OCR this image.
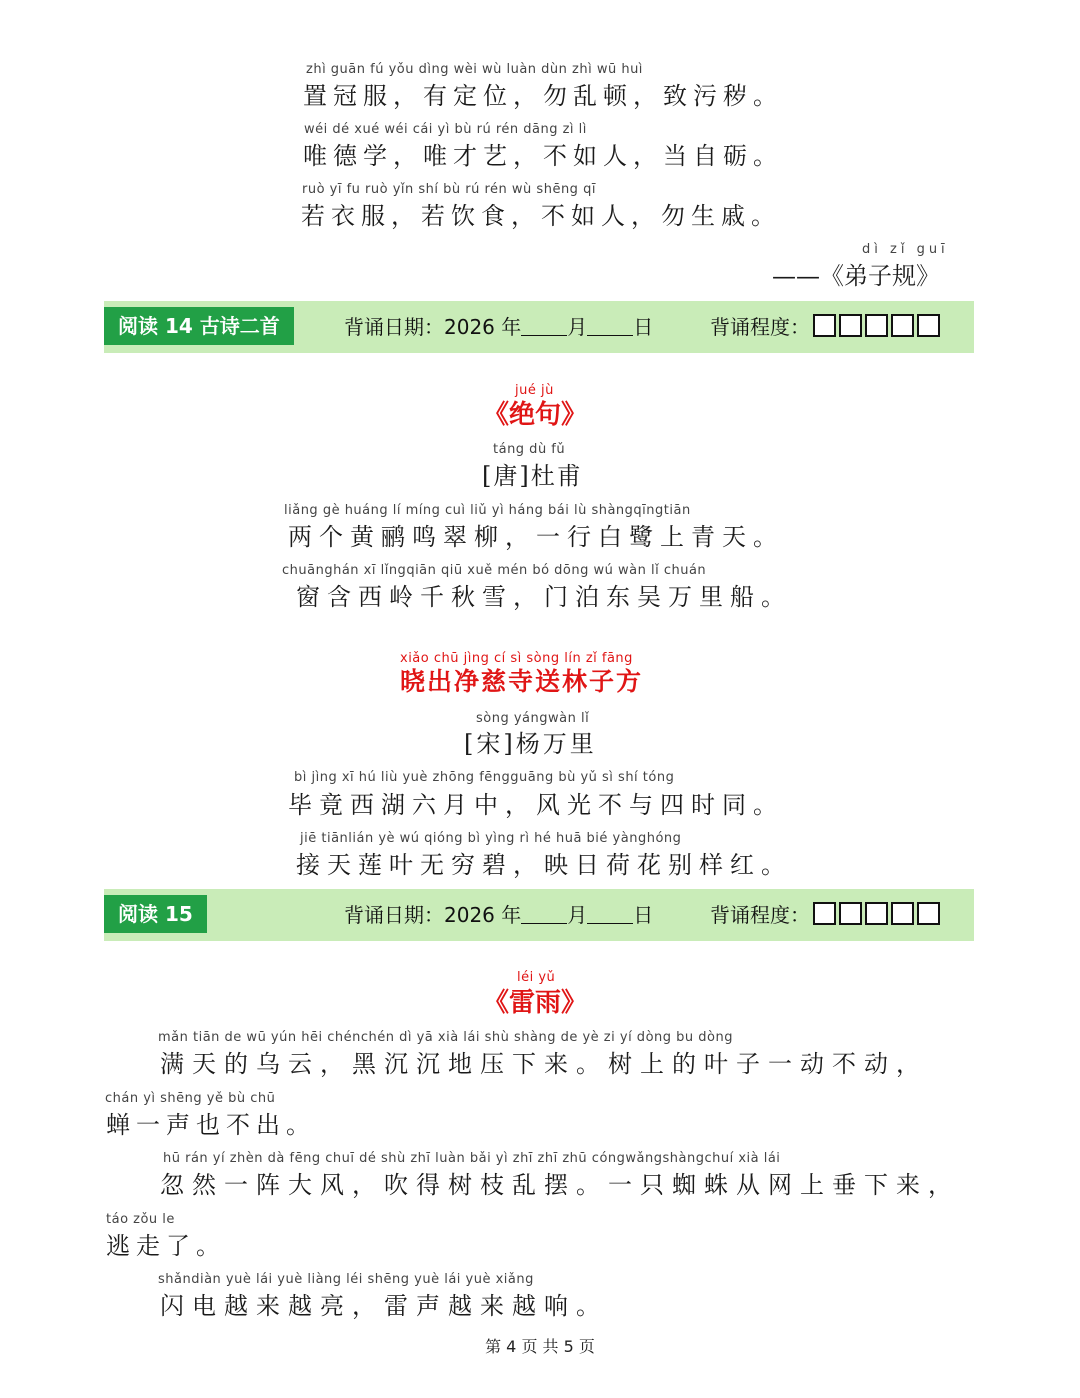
zhì guān fú yǒu dìng wèi wù luàn dùn zhì wū huì
置冠服，有定位，勿乱顿，致污秽。
wéi dé xué wéi cái yì bù rú rén dāng zì lì
唯德学，唯才艺，不如人，当自砺。
ruò yī fu ruò yǐn shí bù rú rén wù shēng qī
若衣服，若饮食，不如人，勿生戚。
dì zǐ guī
——《弟子规》
阅读 14 古诗二首	背诵日期：2026 年 月 日	背诵程度：
jué jù
《绝句》
táng dù fǔ
[唐]杜甫
liǎng gè huáng lí míng cuì liǔ yì háng bái lù shàngqīngtiān
两个黄鹂鸣翠柳，一行白鹭上青天。
chuānghán xī lǐngqiān qiū xuě mén bó dōng wú wàn lǐ chuán
窗含西岭千秋雪，门泊东吴万里船。
xiǎo chū jìng cí sì sòng lín zǐ fāng
晓出净慈寺送林子方
sòng yángwàn lǐ
[宋]杨万里
bì jìng xī hú liù yuè zhōng fēngguāng bù yǔ sì shí tóng
毕竟西湖六月中，风光不与四时同。
jiē tiānlián yè wú qióng bì yìng rì hé huā bié yànghóng
接天莲叶无穷碧，映日荷花别样红。
阅读 15	背诵日期：2026 年 月 日	背诵程度：
léi yǔ
《雷雨》
mǎn tiān de wū yún hēi chénchén dì yā xià lái shù shàng de yè zi yí dòng bu dòng
满天的乌云，黑沉沉地压下来。树上的叶子一动不动，
chán yì shēng yě bù chū
蝉一声也不出。
hū rán yí zhèn dà fēng chuī dé shù zhī luàn bǎi yì zhī zhī zhū cóngwǎngshàngchuí xià lái
忽然一阵大风，吹得树枝乱摆。一只蜘蛛从网上垂下来，
táo zǒu le
逃走了。
shǎndiàn yuè lái yuè liàng léi shēng yuè lái yuè xiǎng
闪电越来越亮，雷声越来越响。
第 4 页 共 5 页
